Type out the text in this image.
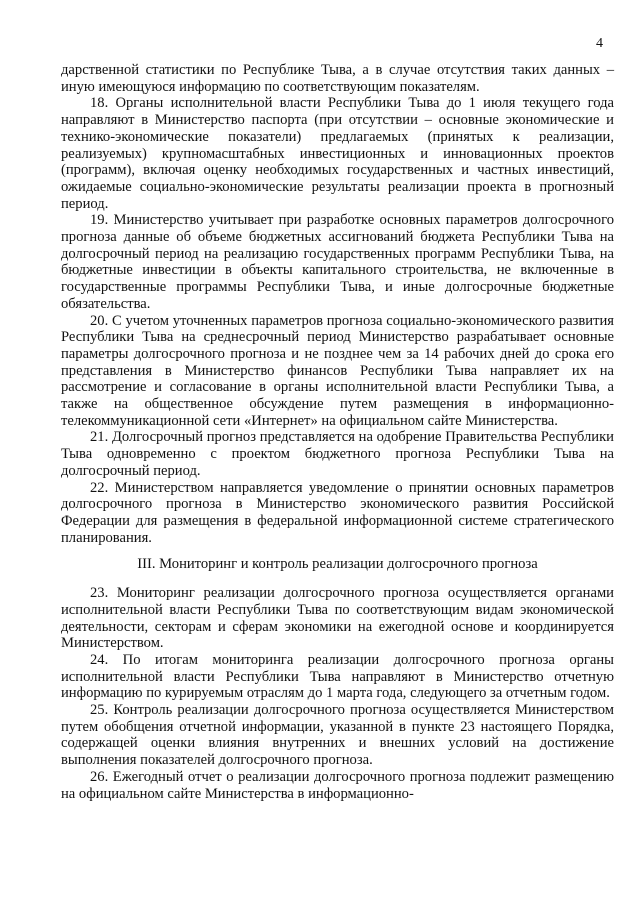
4

дарственной статистики по Республике Тыва, а в случае отсутствия таких данных – иную имеющуюся информацию по соответствующим показателям.

18. Органы исполнительной власти Республики Тыва до 1 июля текущего года направляют в Министерство паспорта (при отсутствии – основные экономические и технико-экономические показатели) предлагаемых (принятых к реализации, реализуемых) крупномасштабных инвестиционных и инновационных проектов (программ), включая оценку необходимых государственных и частных инвестиций, ожидаемые социально-экономические результаты реализации проекта в прогнозный период.

19. Министерство учитывает при разработке основных параметров долгосрочного прогноза данные об объеме бюджетных ассигнований бюджета Республики Тыва на долгосрочный период на реализацию государственных программ Республики Тыва, на бюджетные инвестиции в объекты капитального строительства, не включенные в государственные программы Республики Тыва, и иные долгосрочные бюджетные обязательства.

20. С учетом уточненных параметров прогноза социально-экономического развития Республики Тыва на среднесрочный период Министерство разрабатывает основные параметры долгосрочного прогноза и не позднее чем за 14 рабочих дней до срока его представления в Министерство финансов Республики Тыва направляет их на рассмотрение и согласование в органы исполнительной власти Республики Тыва, а также на общественное обсуждение путем размещения в информационно-телекоммуникационной сети «Интернет» на официальном сайте Министерства.

21. Долгосрочный прогноз представляется на одобрение Правительства Республики Тыва одновременно с проектом бюджетного прогноза Республики Тыва на долгосрочный период.

22. Министерством направляется уведомление о принятии основных параметров долгосрочного прогноза в Министерство экономического развития Российской Федерации для размещения в федеральной информационной системе стратегического планирования.

III. Мониторинг и контроль реализации долгосрочного прогноза

23. Мониторинг реализации долгосрочного прогноза осуществляется органами исполнительной власти Республики Тыва по соответствующим видам экономической деятельности, секторам и сферам экономики на ежегодной основе и координируется Министерством.

24. По итогам мониторинга реализации долгосрочного прогноза органы исполнительной власти Республики Тыва направляют в Министерство отчетную информацию по курируемым отраслям до 1 марта года, следующего за отчетным годом.

25. Контроль реализации долгосрочного прогноза осуществляется Министерством путем обобщения отчетной информации, указанной в пункте 23 настоящего Порядка, содержащей оценки влияния внутренних и внешних условий на достижение выполнения показателей долгосрочного прогноза.

26. Ежегодный отчет о реализации долгосрочного прогноза подлежит размещению на официальном сайте Министерства в информационно-
